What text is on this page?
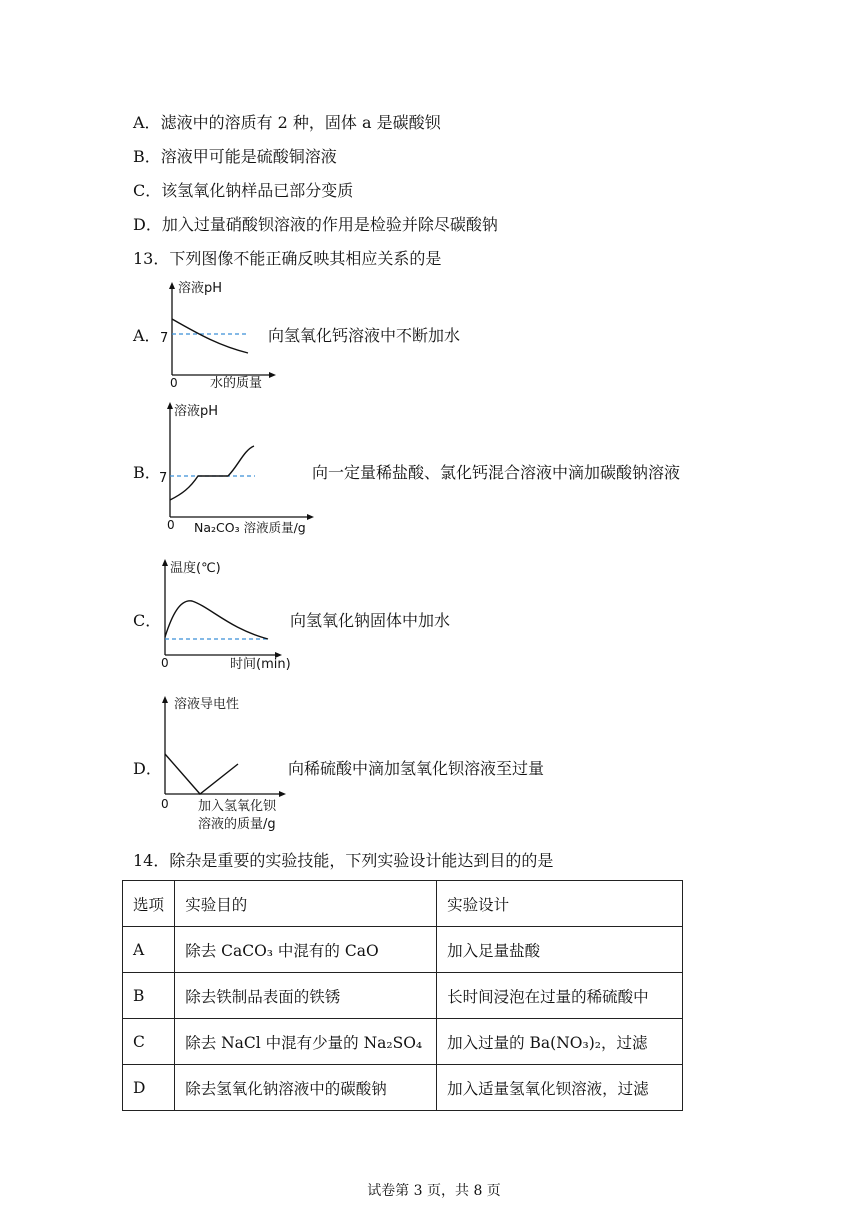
A．滤液中的溶质有 2 种，固体 a 是碳酸钡
B．溶液甲可能是硫酸铜溶液
C．该氢氧化钠样品已部分变质
D．加入过量硝酸钡溶液的作用是检验并除尽碳酸钠
13．下列图像不能正确反映其相应关系的是
A．
溶液pH
7
0 水的质量
向氢氧化钙溶液中不断加水
B．
溶液pH
7
0 Na₂CO₃ 溶液质量/g
向一定量稀盐酸、氯化钙混合溶液中滴加碳酸钠溶液
C．
温度(℃)
0	时间(min)
向氢氧化钠固体中加水
D．
溶液导电性
0 加入氢氧化钡
溶液的质量/g
向稀硫酸中滴加氢氧化钡溶液至过量
14．除杂是重要的实验技能，下列实验设计能达到目的的是
选项	实验目的	实验设计
A	除去 CaCO₃ 中混有的 CaO	加入足量盐酸
B	除去铁制品表面的铁锈	长时间浸泡在过量的稀硫酸中
C	除去 NaCl 中混有少量的 Na₂SO₄	加入过量的 Ba(NO₃)₂，过滤
D	除去氢氧化钠溶液中的碳酸钠	加入适量氢氧化钡溶液，过滤
试卷第 3 页，共 8 页
